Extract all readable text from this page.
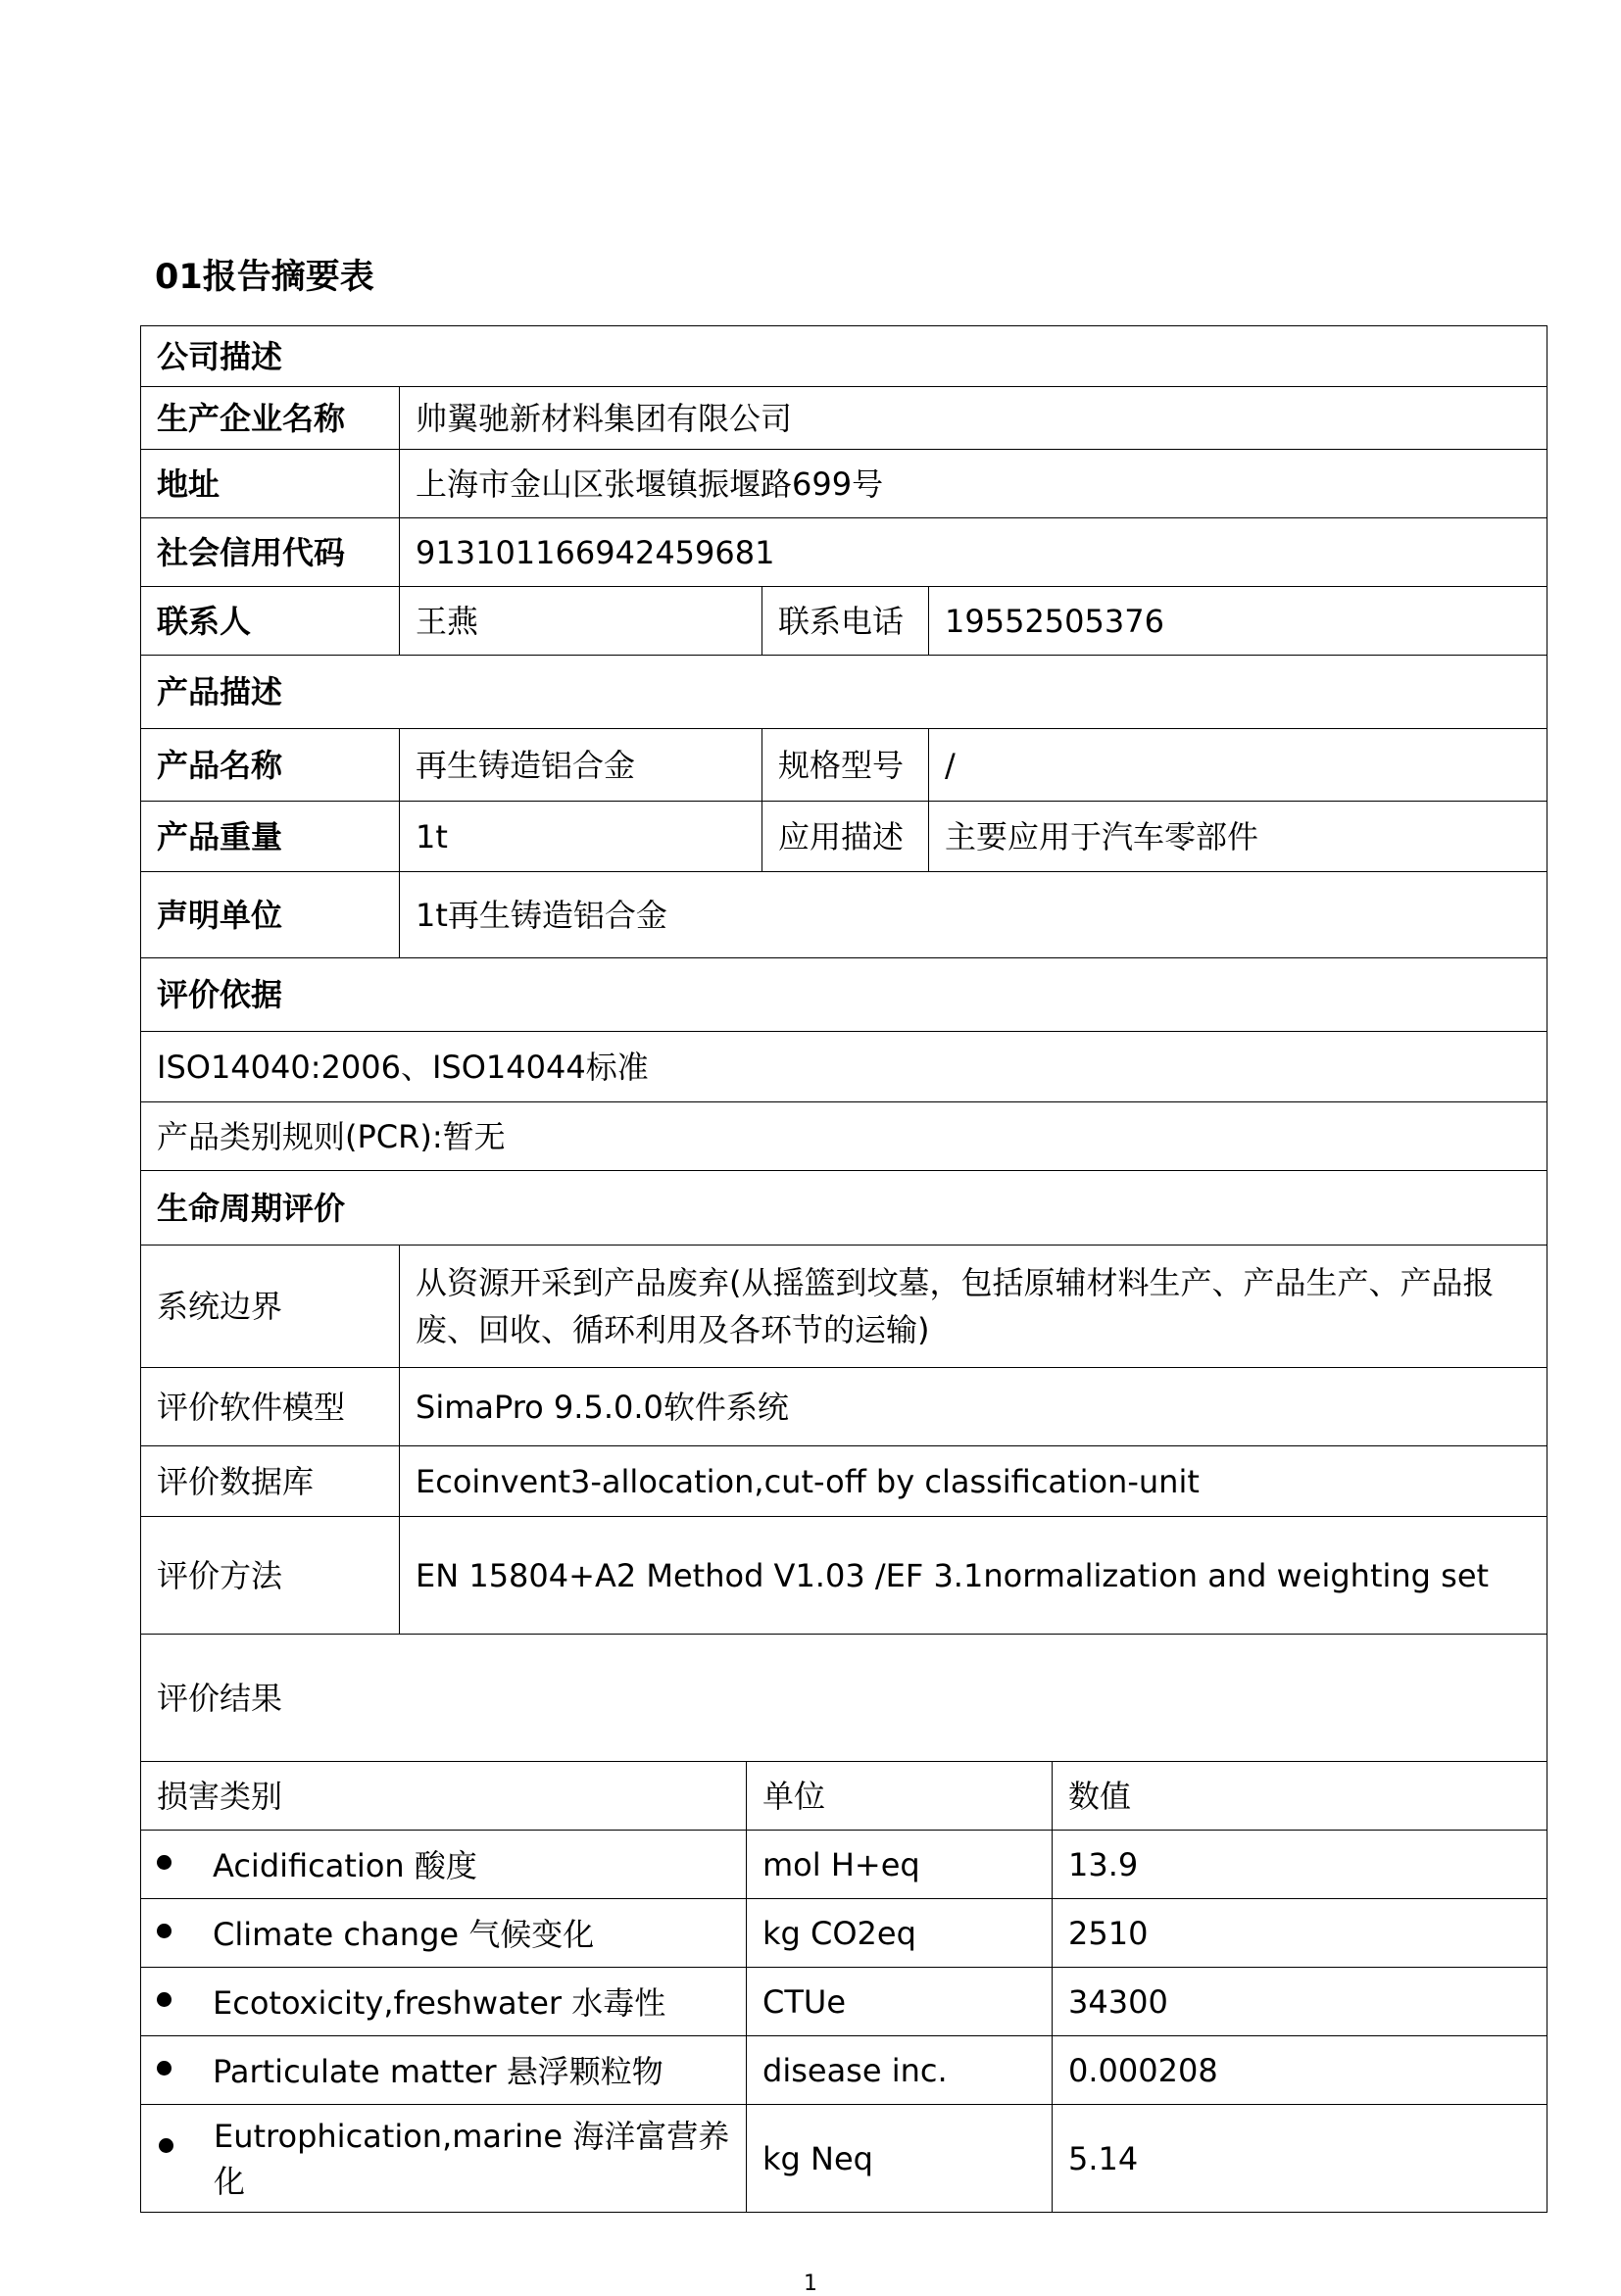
01报告摘要表
公司描述			
生产企业名称	帅翼驰新材料集团有限公司		
地址	上海市金山区张堰镇振堰路699号		
社会信用代码	913101166942459681		
联系人	王燕	联系电话	19552505376
产品描述			
产品名称	再生铸造铝合金	规格型号	/
产品重量	1t	应用描述	主要应用于汽车零部件
声明单位	1t再生铸造铝合金		
评价依据			
ISO14040:2006、ISO14044标准			
产品类别规则(PCR):暂无			
生命周期评价			
系统边界	从资源开采到产品废弃(从摇篮到坟墓，包括原辅材料生产、产品生产、产品报废、回收、循环利用及各环节的运输)		
评价软件模型	SimaPro 9.5.0.0软件系统		
评价数据库	Ecoinvent3-allocation,cut-off by classification-unit		
评价方法	EN 15804+A2 Method V1.03 /EF 3.1normalization and weighting set		
评价结果			
损害类别	单位	数值
Acidification 酸度	mol H+eq	13.9
Climate change 气候变化	kg CO2eq	2510
Ecotoxicity,freshwater 水毒性	CTUe	34300
Particulate matter 悬浮颗粒物	disease inc.	0.000208

Eutrophication,marine 海洋富营养化	kg Neq	5.14
1
